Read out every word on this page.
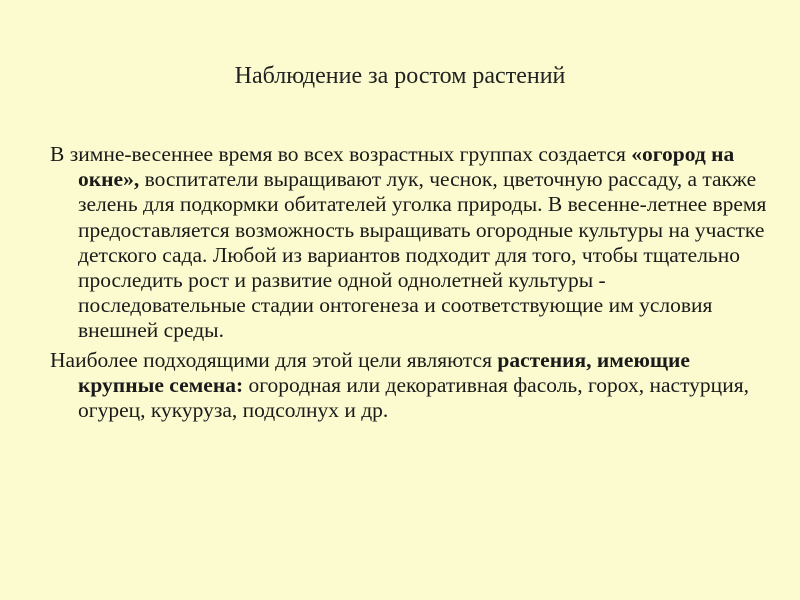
Наблюдение за ростом растений

В зимне-весеннее время во всех возрастных группах создается «огород на окне», воспитатели выращивают лук, чеснок, цветочную рассаду, а также зелень для подкормки обитателей уголка природы. В весенне-летнее время предоставляется возможность выращивать огородные культуры на участке детского сада. Любой из вариантов подходит для того, чтобы тщательно проследить рост и развитие одной однолетней культуры - последовательные стадии онтогенеза и соответствующие им условия внешней среды.

Наиболее подходящими для этой цели являются растения, имеющие крупные семена: огородная или декоративная фасоль, горох, настурция, огурец, кукуруза, подсолнух и др.
